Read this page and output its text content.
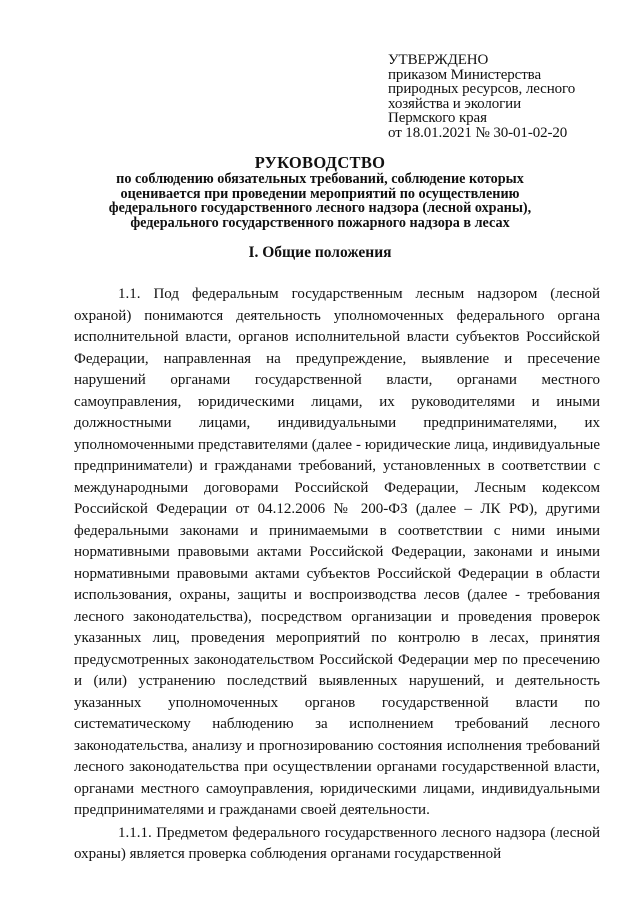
УТВЕРЖДЕНО
приказом Министерства
природных ресурсов, лесного
хозяйства и экологии
Пермского края
от 18.01.2021 № 30-01-02-20
РУКОВОДСТВО
по соблюдению обязательных требований, соблюдение которых
оценивается при проведении мероприятий по осуществлению
федерального государственного лесного надзора (лесной охраны),
федерального государственного пожарного надзора в лесах
I. Общие положения

1.1. Под федеральным государственным лесным надзором (лесной охраной) понимаются деятельность уполномоченных федерального органа исполнительной власти, органов исполнительной власти субъектов Российской Федерации, направленная на предупреждение, выявление и пресечение нарушений органами государственной власти, органами местного самоуправления, юридическими лицами, их руководителями и иными должностными лицами, индивидуальными предпринимателями, их уполномоченными представителями (далее - юридические лица, индивидуальные предприниматели) и гражданами требований, установленных в соответствии с международными договорами Российской Федерации, Лесным кодексом Российской Федерации от 04.12.2006 № 200-ФЗ (далее – ЛК РФ), другими федеральными законами и принимаемыми в соответствии с ними иными нормативными правовыми актами Российской Федерации, законами и иными нормативными правовыми актами субъектов Российской Федерации в области использования, охраны, защиты и воспроизводства лесов (далее - требования лесного законодательства), посредством организации и проведения проверок указанных лиц, проведения мероприятий по контролю в лесах, принятия предусмотренных законодательством Российской Федерации мер по пресечению и (или) устранению последствий выявленных нарушений, и деятельность указанных уполномоченных органов государственной власти по систематическому наблюдению за исполнением требований лесного законодательства, анализу и прогнозированию состояния исполнения требований лесного законодательства при осуществлении органами государственной власти, органами местного самоуправления, юридическими лицами, индивидуальными предпринимателями и гражданами своей деятельности.

1.1.1. Предметом федерального государственного лесного надзора (лесной охраны) является проверка соблюдения органами государственной
